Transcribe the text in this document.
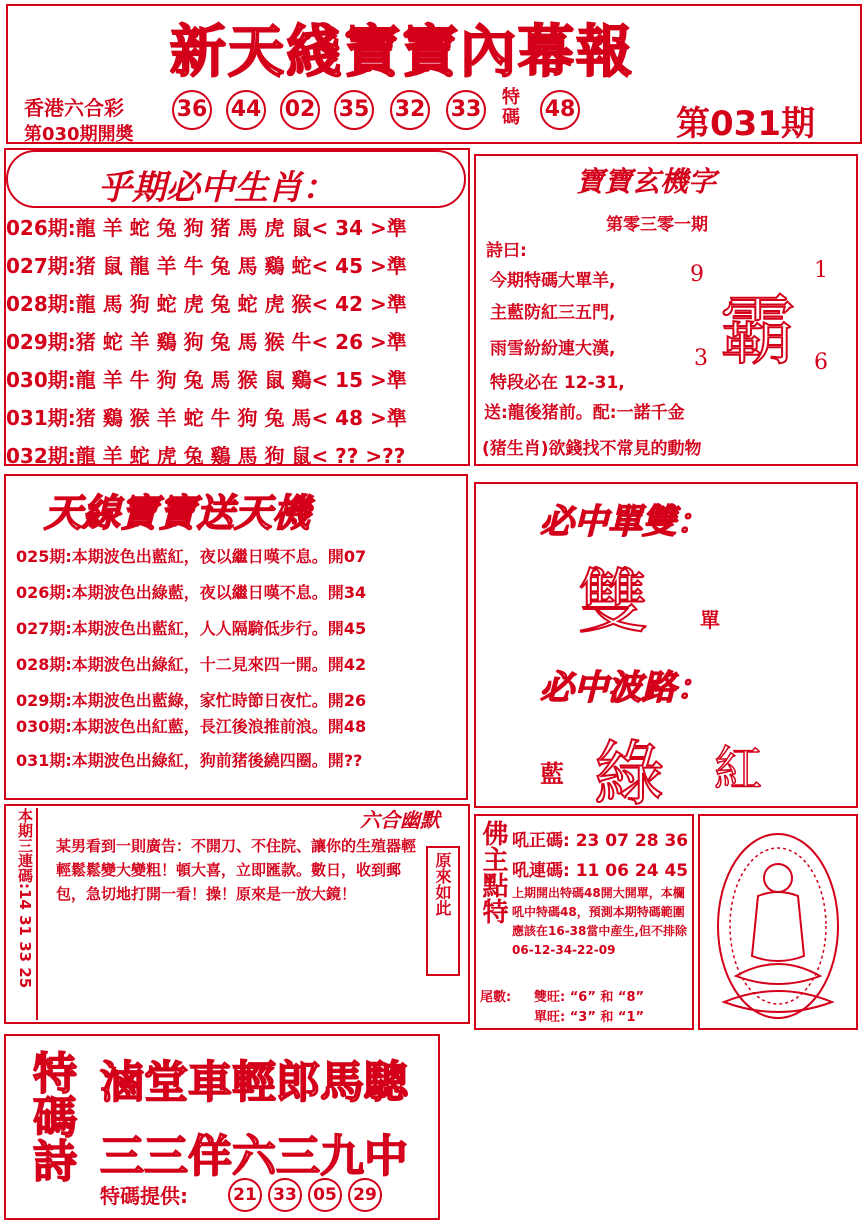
新天綫寶寶內幕報
香港六合彩
第030期開奬
36 44 02 35 32 33 特碼 48	第031期
乎期必中生肖：
026期:龍 羊 蛇 兔 狗 猪 馬 虎 鼠< 34 >準
027期:猪 鼠 龍 羊 牛 兔 馬 鷄 蛇< 45 >準
028期:龍 馬 狗 蛇 虎 兔 蛇 虎 猴< 42 >準
029期:猪 蛇 羊 鷄 狗 兔 馬 猴 牛< 26 >準
030期:龍 羊 牛 狗 兔 馬 猴 鼠 鷄< 15 >準
031期:猪 鷄 猴 羊 蛇 牛 狗 兔 馬< 48 >準
032期:龍 羊 蛇 虎 兔 鷄 馬 狗 鼠< ?? >??
寶寶玄機字
第零三零一期
詩曰:
今期特碼大單羊,
主藍防紅三五門,
雨雪紛紛連大漢,
特段必在 12-31,
送:龍後猪前。配:一諾千金
(猪生肖)欲錢找不常見的動物
霸
9	1
3	6
天線寶寶送天機
025期:本期波色出藍紅，夜以繼日嘆不息。開07
026期:本期波色出綠藍，夜以繼日嘆不息。開34
027期:本期波色出藍紅，人人隔騎低步行。開45
028期:本期波色出綠紅，十二見來四一開。開42
029期:本期波色出藍綠，家忙時節日夜忙。開26
030期:本期波色出紅藍，長江後浪推前浪。開48
031期:本期波色出綠紅，狗前猪後繞四圈。開??
必中單雙：
雙	單
必中波路：
藍 綠 紅
本期三連碼:14 31 33 25	六合幽默
某男看到一則廣告：不開刀、不住院、讓你的生殖器輕輕鬆鬆變大變粗！頓大喜，立即匯款。數日，收到郵包，急切地打開一看！操！原來是一放大鏡！	原來如此	佛主點特 吼正碼: 23 07 28 36
吼連碼: 11 06 24 45
上期開出特碼48開大開單，本欄吼中特碼48，預測本期特碼範圍應該在16-38當中産生,但不排除06-12-34-22-09
尾數: 雙旺: “6” 和 “8”
單旺: “3” 和 “1”
特碼詩 滷堂車輕郎馬驄
三三佯六三九中
特碼提供:	21 33 05 29
